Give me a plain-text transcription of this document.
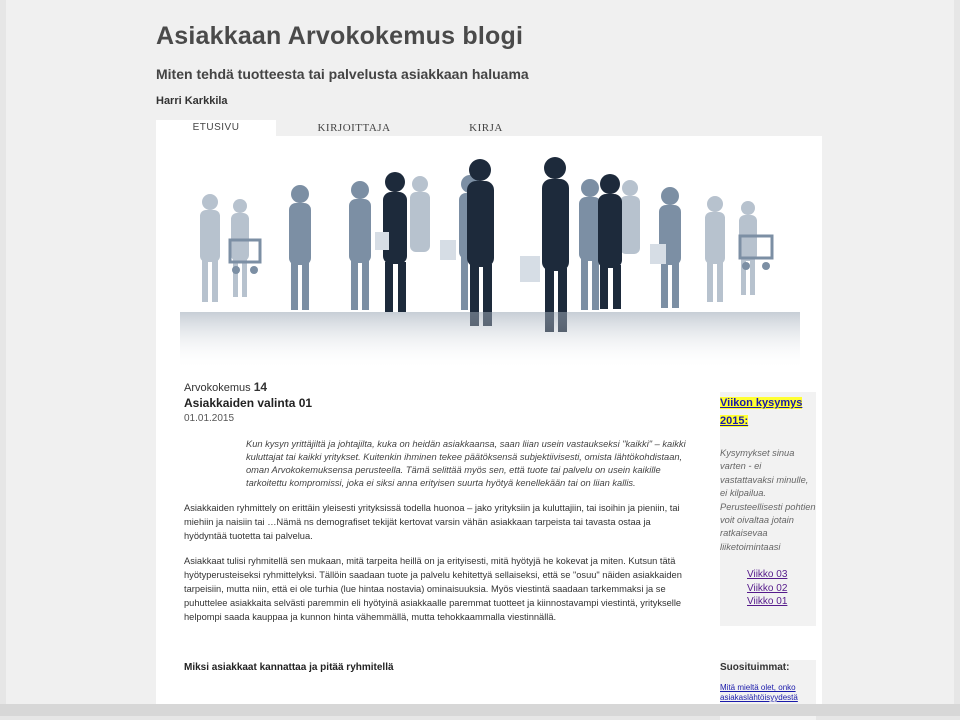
Asiakkaan Arvokokemus blogi
Miten tehdä tuotteesta tai palvelusta asiakkaan haluama
Harri Karkkila
ETUSIVU	KIRJOITTAJA	KIRJA
Arvokokemus 14
Asiakkaiden valinta 01
01.01.2015
Kun kysyn yrittäjiltä ja johtajilta, kuka on heidän asiakkaansa, saan liian usein vastaukseksi "kaikki" – kaikki kuluttajat tai kaikki yritykset. Kuitenkin ihminen tekee päätöksensä subjektiivisesti, omista lähtökohdistaan, oman Arvokokemuksensa perusteella. Tämä selittää myös sen, että tuote tai palvelu on usein kaikille tarkoitettu kompromissi, joka ei siksi anna erityisen suurta hyötyä kenellekään tai on liian kallis.
Asiakkaiden ryhmittely on erittäin yleisesti yrityksissä todella huonoa – jako yrityksiin ja kuluttajiin, tai isoihin ja pieniin, tai miehiin ja naisiin tai …Nämä ns demografiset tekijät kertovat varsin vähän asiakkaan tarpeista tai tavasta ostaa ja hyödyntää tuotetta tai palvelua.
Asiakkaat tulisi ryhmitellä sen mukaan, mitä tarpeita heillä on ja erityisesti, mitä hyötyjä he kokevat ja miten. Kutsun tätä hyötyperusteiseksi ryhmittelyksi. Tällöin saadaan tuote ja palvelu kehitettyä sellaiseksi, että se "osuu" näiden asiakkaiden tarpeisiin, mutta niin, että ei ole turhia (lue hintaa nostavia) ominaisuuksia. Myös viestintä saadaan tarkemmaksi ja se puhuttelee asiakkaita selvästi paremmin eli hyötyinä asiakkaalle paremmat tuotteet ja kiinnostavampi viestintä, yritykselle helpompi saada kauppaa ja kunnon hinta vähemmällä, mutta tehokkaammalla viestinnällä.
Miksi asiakkaat kannattaa ja pitää ryhmitellä
Viikon kysymys 2015:
Kysymykset sinua varten - ei vastattavaksi minulle, ei kilpailua. Perusteellisesti pohtien voit oivaltaa jotain ratkaisevaa liiketoimintaasi
Viikko 03
Viikko 02
Viikko 01
Suosituimmat:
Mitä mieltä olet, onko asiakaslähtöisyydestä
